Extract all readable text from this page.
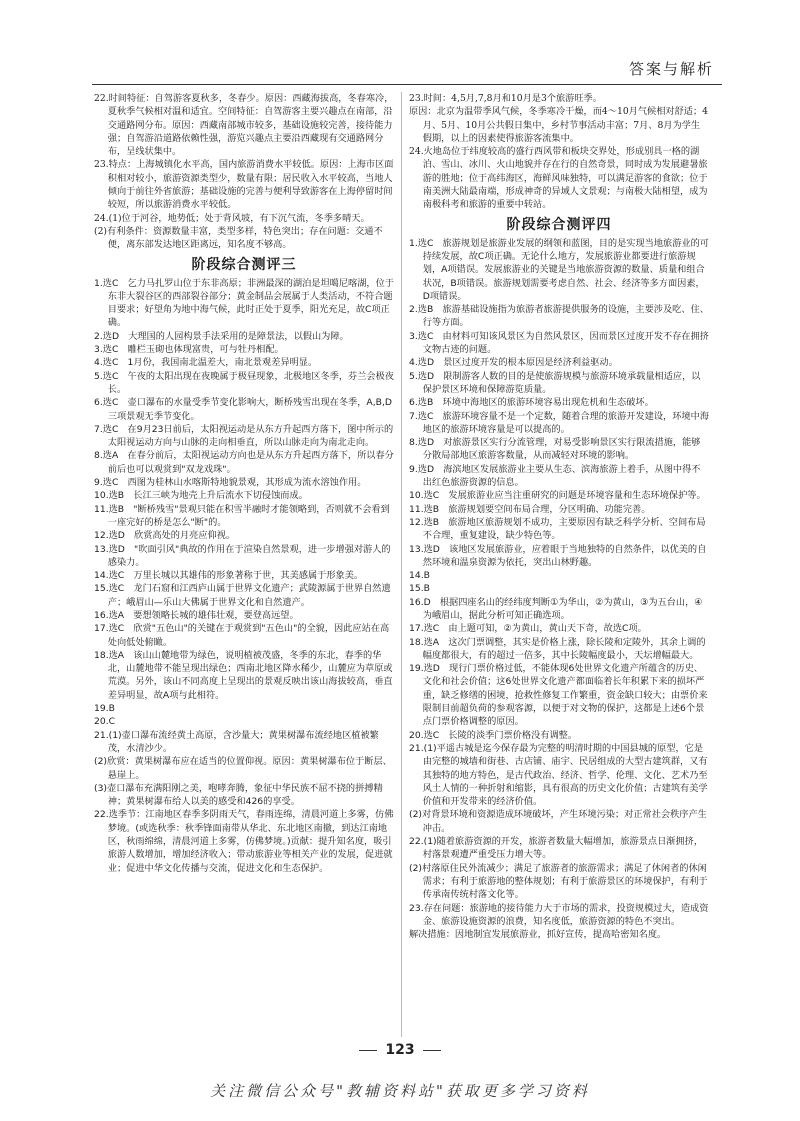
答案与解析

22.时间特征：自驾游客夏秋多，冬春少。原因：西藏海拔高，冬春寒冷，夏秋季气候相对温和适宜。空间特征：自驾游客主要兴趣点在南部，沿交通路网分布。原因：西藏南部城市较多，基础设施较完善，接待能力强；自驾游沿道路依赖性强，游览兴趣点主要沿西藏现有交通路网分布，呈线状集中。

23.特点：上海城镇化水平高，国内旅游消费水平较低。原因：上海市区面积相对较小，旅游资源类型少，数量有限；居民收入水平较高，当地人倾向于前往外省旅游；基础设施的完善与便利导致游客在上海停留时间较短，所以旅游消费水平较低。

24.(1)位于河谷，地势低；处于背风坡，有下沉气流，冬季多晴天。

(2)有利条件：资源数量丰富，类型多样，特色突出；存在问题：交通不便，离东部发达地区距离远，知名度不够高。

阶段综合测评三

1.选C　乞力马扎罗山位于东非高原；非洲最深的湖泊是坦噶尼喀湖，位于东非大裂谷区的西部裂谷部分；黄金制品会展属于人类活动，不符合题目要求；好望角为地中海气候，此时正处于夏季，阳光充足，故C项正确。

2.选D　大理国的人园构景手法采用的是障景法，以假山为障。

3.选C　雕栏玉砌也体现富贵，可与牡丹相配。

4.选C　1月份，我国南北温差大，南北景观差异明显。

5.选C　午夜的太阳出现在夜晚属于极昼现象，北极地区冬季，芬兰会极夜长。

6.选C　壶口瀑布的水量受季节变化影响大，断桥残雪出现在冬季，A,B,D三项景观无季节变化。

7.选C　在9月23日前后，太阳视运动是从东方升起西方落下，图中所示的太阳视运动方向与山脉的走向相垂直，所以山脉走向为南北走向。

8.选A　在春分前后，太阳视运动方向也是从东方升起西方落下，所以春分前后也可以观赏到"双龙戏珠"。

9.选C　西图为桂林山水喀斯特地貌景观，其形成为流水溶蚀作用。

10.选B　长江三峡为地壳上升后流水下切侵蚀而成。

11.选B　"断桥残雪"景观只能在积雪半融时才能领略到，否则就不会看到一座完好的桥是怎么"断"的。

12.选D　欣赏高处的月亮应仰视。

13.选D　"吹面引风"典故的作用在于渲染自然景观，进一步增强对游人的感染力。

14.选C　万里长城以其雄伟的形象著称于世，其美感属于形象美。

15.选C　龙门石窟和江西庐山属于世界文化遗产；武陵源属于世界自然遗产；峨眉山—乐山大佛属于世界文化和自然遗产。

16.选A　要想领略长城的雄伟壮观，要登高远望。

17.选C　欣赏"五色山"的关键在于观赏到"五色山"的全貌，因此应站在高处向低处俯瞰。

18.选A　该山山麓地带为绿色，说明植被茂盛，冬季的东北，春季的华北，山麓地带不能呈现出绿色；西南北地区降水稀少，山麓应为草原或荒漠。另外，该山不同高度上呈现出的景观反映出该山海拔较高，垂直差异明显，故A项与此相符。

19.B

20.C

21.(1)壶口瀑布流经黄土高原，含沙量大；黄果树瀑布流经地区植被繁茂，水清沙少。

(2)欣赏：黄果树瀑布应在适当的位置仰视。原因：黄果树瀑布位于断层、悬崖上。

(3)壶口瀑布充满阳刚之美，咆哮奔腾，象征中华民族不屈不挠的拼搏精神；黄果树瀑布给人以美的感受和426的享受。

22.选季节：江南地区春季多阴雨天气，春雨连绵，清晨河道上多雾，仿佛梦境。(或选秋季：秋季锋面南带从华北、东北地区南撤，到达江南地区，秋雨绵绵，清晨河道上多雾，仿佛梦境。)贡献：提升知名度，吸引旅游人数增加，增加经济收入；带动旅游业等相关产业的发展，促进就业；促进中华文化传播与交流，促进文化和生态保护。

23.时间：4,5月,7,8月和10月是3个旅游旺季。

原因：北京为温带季风气候，冬季寒冷干燥，而4～10月气候相对舒适；4月、5月、10月公共假日集中，乡村节事活动丰富；7月、8月为学生假期，以上的因素使得旅游客流集中。

24.火地岛位于纬度较高的盛行西风带和板块交界处，形成别具一格的湖泊、雪山、冰川、火山地貌并存在行的自然奇景，同时成为发展避暑旅游的胜地；位于高纬海区，海鲜风味独特，可以满足游客的食欲；位于南美洲大陆最南端，形成神奇的异域人文景观；与南极大陆相望，成为南极科考和旅游的重要中转站。

阶段综合测评四

1.选C　旅游规划是旅游业发展的纲领和蓝图，目的是实现当地旅游业的可持续发展，故C项正确。无论什么地方，发展旅游业都要进行旅游规划，A项错误。发展旅游业的关键是当地旅游资源的数量、质量和组合状况，B项错误。旅游规划需要考虑自然、社会、经济等多方面因素，D项错误。

2.选B　旅游基础设施指为旅游者旅游提供服务的设施，主要涉及吃、住、行等方面。

3.选C　由材料可知该风景区为自然风景区，因而景区过度开发不存在拥挤文物古迹的问题。

4.选D　景区过度开发的根本原因是经济利益驱动。

5.选D　限制游客人数的目的是使旅游规模与旅游环境承载量相适应，以保护景区环境和保障游览质量。

6.选B　环境中海地区的旅游环境容易出现危机和生态破坏。

7.选C　旅游环境容量不是一个定数，随着合理的旅游开发建设，环境中海地区的旅游环境容量是可以提高的。

8.选D　对旅游景区实行分流管理，对易受影响景区实行限流措施，能够分散局部地区旅游客数量，从而减轻对环境的影响。

9.选D　海滨地区发展旅游业主要从生态、滨海旅游上着手，从图中得不出红色旅游资源的信息。

10.选C　发展旅游业应当注重研究的问题是环境容量和生态环境保护等。

11.选B　旅游规划要空间布局合理，分区明确、功能完善。

12.选B　旅游地区旅游规划不成功，主要原因有缺乏科学分析、空间布局不合理，重复建设，缺少特色等。

13.选D　该地区发展旅游业，应着眼于当地独特的自然条件，以优美的自然环境和温泉资源为依托，突出山林野趣。

14.B

15.B

16.D　根据四座名山的经纬度判断①为华山，②为黄山，③为五台山，④为峨眉山，据此分析可知正确选项。

17.选C　由上题可知，②为黄山，黄山天下奇，故选C项。

18.选A　这次门票调整，其实是价格上涨，除长陵和定陵外，其余上调的幅度都很大，有的超过一倍多，其中长陵幅度最小，天坛增幅最大。

19.选D　现行门票价格过低，不能体现6处世界文化遗产所蕴含的历史、文化和社会价值；这6处世界文化遗产都面临着长年积累下来的损坏严重，缺乏修缮的困境，抢救性修复工作繁重，资金缺口较大；由票价来限制目前超负荷的参观客源，以便于对文物的保护，这都是上述6个景点门票价格调整的原因。

20.选C　长陵的淡季门票价格没有调整。

21.(1)平遥古城是迄今保存最为完整的明清时期的中国县城的原型，它是由完整的城墙和街巷、古店铺、庙宇、民居组成的大型古建筑群，又有其独特的地方特色，是古代政治、经济、哲学、伦理、文化、艺术乃至风土人情的一种折射和缩影，具有很高的历史文化价值；古建筑有美学价值和开发带来的经济价值。

(2)对背景环境和资源造成环境破坏，产生环境污染；对正常社会秩序产生冲击。

22.(1)随着旅游资源的开发，旅游者数量大幅增加，旅游景点日渐拥挤，村落景观遭严重受压力增大等。

(2)村落原住民外流减少；满足了旅游者的旅游需求；满足了休闲者的休闲需求；有利于旅游地的整体规划；有利于旅游景区的环境保护，有利于传承南传统村落文化等。

23.存在问题：旅游地的接待能力大于市场的需求，投资规模过大，造成资金、旅游设施资源的浪费，知名度低，旅游资源的特色不突出。

解决措施：因地制宜发展旅游业，抓好宣传，提高哈密知名度。

123
关注微信公众号"教辅资料站"获取更多学习资料
